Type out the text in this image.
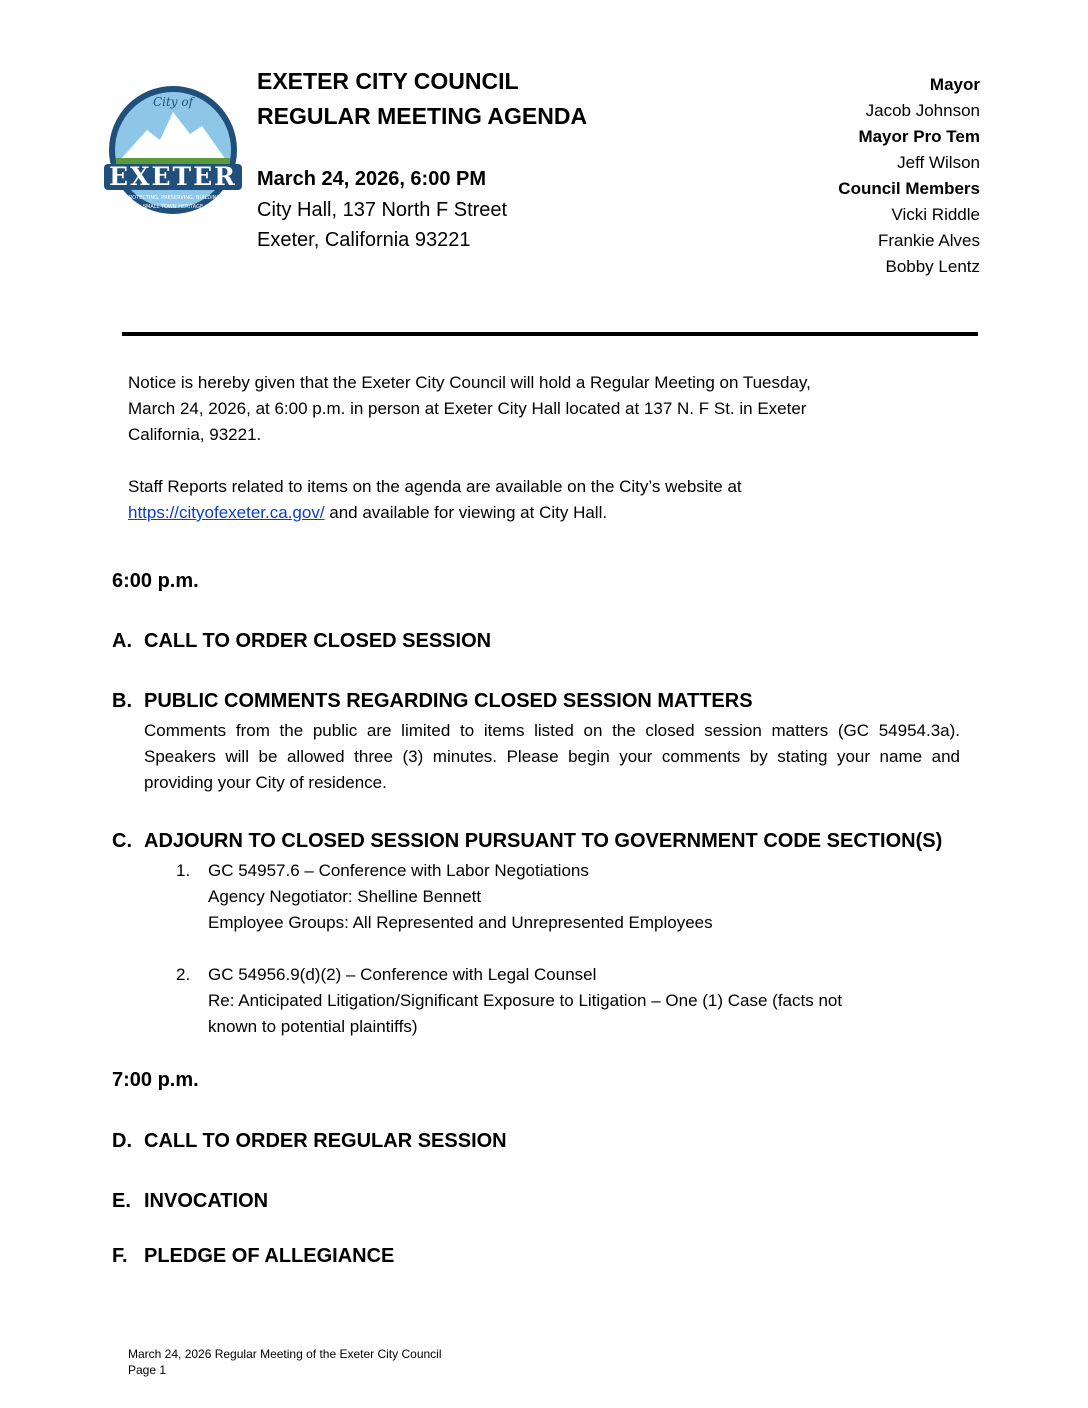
City of
EXETER
PROTECTING, PRESERVING, BUILDING
SMALL TOWN HERITAGE
EXETER CITY COUNCIL
REGULAR MEETING AGENDA
March 24, 2026, 6:00 PM
City Hall, 137 North F Street
Exeter, California 93221
Mayor
Jacob Johnson
Mayor Pro Tem
Jeff Wilson
Council Members
Vicki Riddle
Frankie Alves
Bobby Lentz
Notice is hereby given that the Exeter City Council will hold a Regular Meeting on Tuesday,
March 24, 2026, at 6:00 p.m. in person at Exeter City Hall located at 137 N. F St. in Exeter
California, 93221.
Staff Reports related to items on the agenda are available on the City’s website at
https://cityofexeter.ca.gov/ and available for viewing at City Hall.
6:00 p.m.
A. CALL TO ORDER CLOSED SESSION
B. PUBLIC COMMENTS REGARDING CLOSED SESSION MATTERS
Comments from the public are limited to items listed on the closed session matters (GC 54954.3a). Speakers will be allowed three (3) minutes. Please begin your comments by stating your name and providing your City of residence.
C. ADJOURN TO CLOSED SESSION PURSUANT TO GOVERNMENT CODE SECTION(S)
1. GC 54957.6 – Conference with Labor Negotiations
Agency Negotiator: Shelline Bennett
Employee Groups: All Represented and Unrepresented Employees
2. GC 54956.9(d)(2) – Conference with Legal Counsel
Re: Anticipated Litigation/Significant Exposure to Litigation – One (1) Case (facts not
known to potential plaintiffs)
7:00 p.m.
D. CALL TO ORDER REGULAR SESSION
E. INVOCATION
F. PLEDGE OF ALLEGIANCE
March 24, 2026 Regular Meeting of the Exeter City Council
Page 1
